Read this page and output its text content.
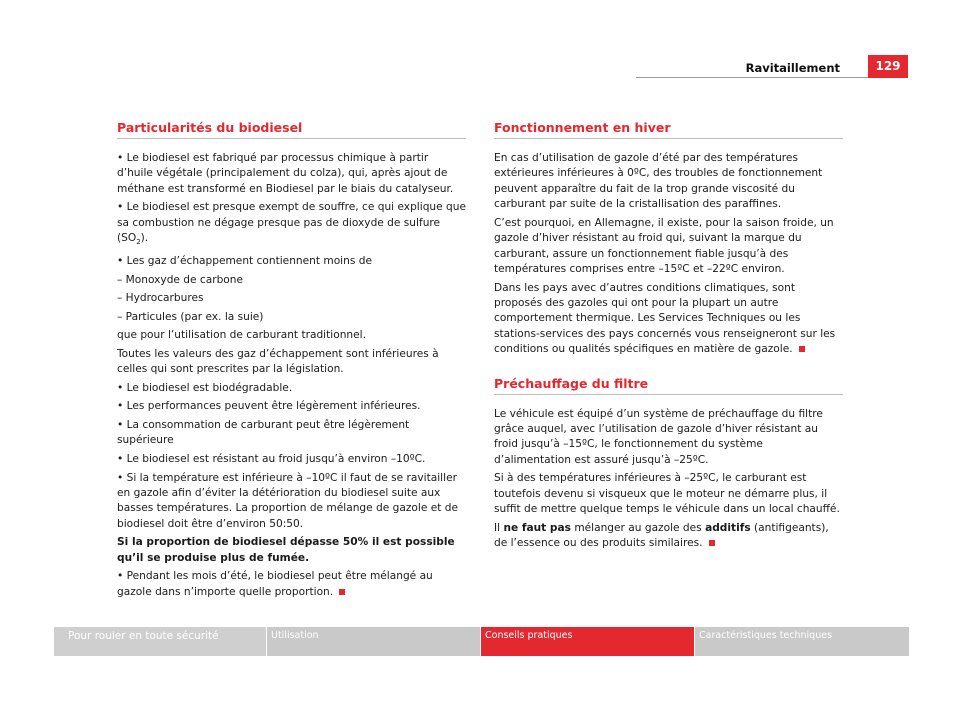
Ravitaillement	129
Particularités du biodiesel

• Le biodiesel est fabriqué par processus chimique à partir d’huile végétale (principalement du colza), qui, après ajout de méthane est transformé en Biodiesel par le biais du catalyseur.

• Le biodiesel est presque exempt de souffre, ce qui explique que sa combustion ne dégage presque pas de dioxyde de sulfure $(SO_2)$.

• Les gaz d’échappement contiennent moins de

– Monoxyde de carbone

– Hydrocarbures

– Particules (par ex. la suie)

que pour l’utilisation de carburant traditionnel.

Toutes les valeurs des gaz d’échappement sont inférieures à celles qui sont prescrites par la législation.

• Le biodiesel est biodégradable.

• Les performances peuvent être légèrement inférieures.

• La consommation de carburant peut être légèrement supérieure

• Le biodiesel est résistant au froid jusqu’à environ –10ºC.

• Si la température est inférieure à –10ºC il faut de se ravitailler en gazole afin d’éviter la détérioration du biodiesel suite aux basses températures. La proportion de mélange de gazole et de biodiesel doit être d’environ 50:50.

Si la proportion de biodiesel dépasse 50% il est possible qu’il se produise plus de fumée.

• Pendant les mois d’été, le biodiesel peut être mélangé au gazole dans n’importe quelle proportion.

Fonctionnement en hiver

En cas d’utilisation de gazole d’été par des températures extérieures inférieures à 0ºC, des troubles de fonctionnement peuvent apparaître du fait de la trop grande viscosité du carburant par suite de la cristallisation des paraffines.

C’est pourquoi, en Allemagne, il existe, pour la saison froide, un gazole d’hiver résistant au froid qui, suivant la marque du carburant, assure un fonctionnement fiable jusqu’à des températures comprises entre –15ºC et –22ºC environ.

Dans les pays avec d’autres conditions climatiques, sont proposés des gazoles qui ont pour la plupart un autre comportement thermique. Les Services Techniques ou les stations-services des pays concernés vous renseigneront sur les conditions ou qualités spécifiques en matière de gazole.

Préchauffage du filtre

Le véhicule est équipé d’un système de préchauffage du filtre grâce auquel, avec l’utilisation de gazole d’hiver résistant au froid jusqu’à –15ºC, le fonctionnement du système d’alimentation est assuré jusqu’à –25ºC.

Si à des températures inférieures à –25ºC, le carburant est toutefois devenu si visqueux que le moteur ne démarre plus, il suffit de mettre quelque temps le véhicule dans un local chauffé.

Il ne faut pas mélanger au gazole des additifs (antifigeants), de l’essence ou des produits similaires.

Pour rouler en toute sécurité	Utilisation	Conseils pratiques	Caractéristiques techniques
